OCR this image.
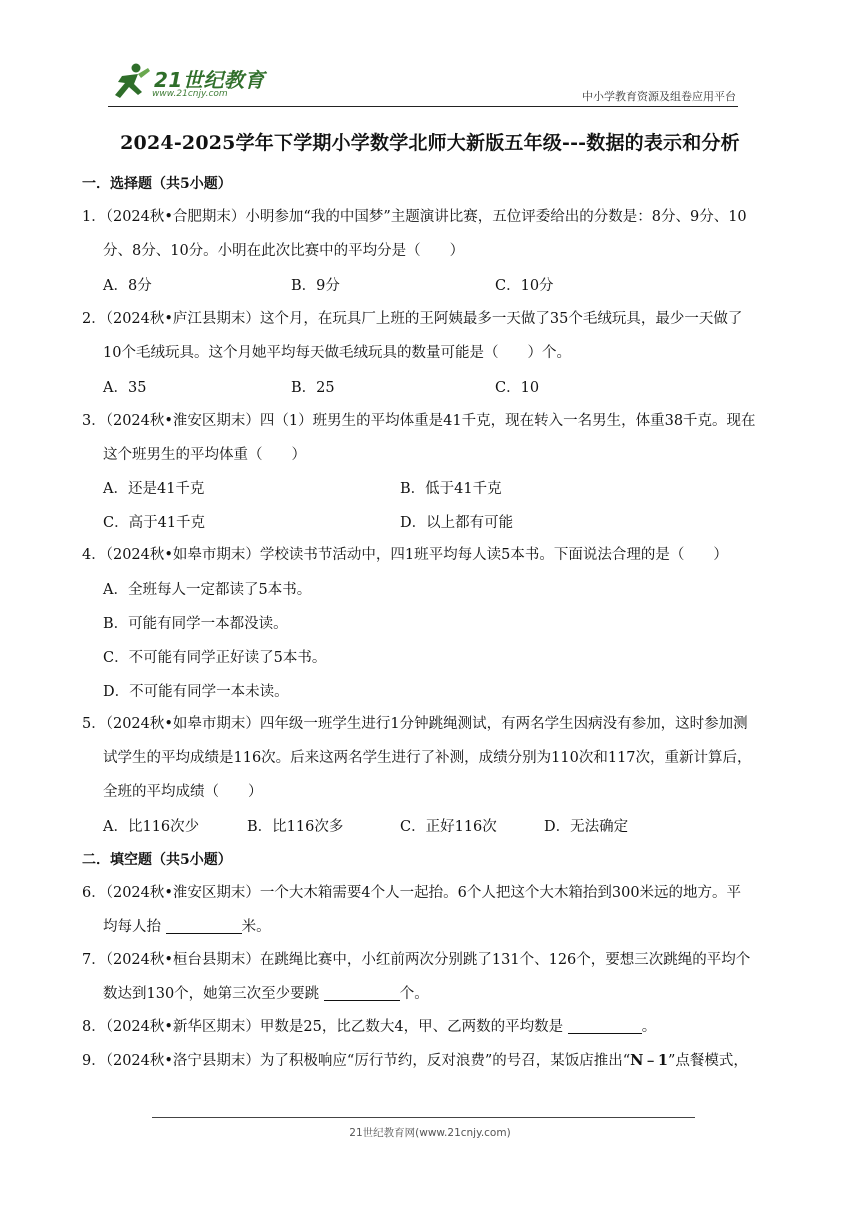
21世纪教育
www.21cnjy.com	中小学教育资源及组卷应用平台
2024-2025学年下学期小学数学北师大新版五年级---数据的表示和分析
一．选择题（共5小题）
1．（2024秋•合肥期末）小明参加“我的中国梦”主题演讲比赛，五位评委给出的分数是：8分、9分、10
分、8分、10分。小明在此次比赛中的平均分是（　　）
A．8分	B．9分	C．10分
2．（2024秋•庐江县期末）这个月，在玩具厂上班的王阿姨最多一天做了35个毛绒玩具，最少一天做了
10个毛绒玩具。这个月她平均每天做毛绒玩具的数量可能是（　　）个。
A．35	B．25	C．10
3．（2024秋•淮安区期末）四（1）班男生的平均体重是41千克，现在转入一名男生，体重38千克。现在
这个班男生的平均体重（　　）
A．还是41千克	B．低于41千克
C．高于41千克	D．以上都有可能
4．（2024秋•如皋市期末）学校读书节活动中，四1班平均每人读5本书。下面说法合理的是（　　）
A．全班每人一定都读了5本书。
B．可能有同学一本都没读。
C．不可能有同学正好读了5本书。
D．不可能有同学一本未读。
5．（2024秋•如皋市期末）四年级一班学生进行1分钟跳绳测试，有两名学生因病没有参加，这时参加测
试学生的平均成绩是116次。后来这两名学生进行了补测，成绩分别为110次和117次，重新计算后，
全班的平均成绩（　　）
A．比116次少	B．比116次多	C．正好116次	D．无法确定
二．填空题（共5小题）
6．（2024秋•淮安区期末）一个大木箱需要4个人一起抬。6个人把这个大木箱抬到300米远的地方。平
均每人抬	米。
7．（2024秋•桓台县期末）在跳绳比赛中，小红前两次分别跳了131个、126个，要想三次跳绳的平均个
数达到130个，她第三次至少要跳	个。
8．（2024秋•新华区期末）甲数是25，比乙数大4，甲、乙两数的平均数是	。
9．（2024秋•洛宁县期末）为了积极响应“厉行节约，反对浪费”的号召，某饭店推出“N﹣1”点餐模式，
21世纪教育网(www.21cnjy.com)
